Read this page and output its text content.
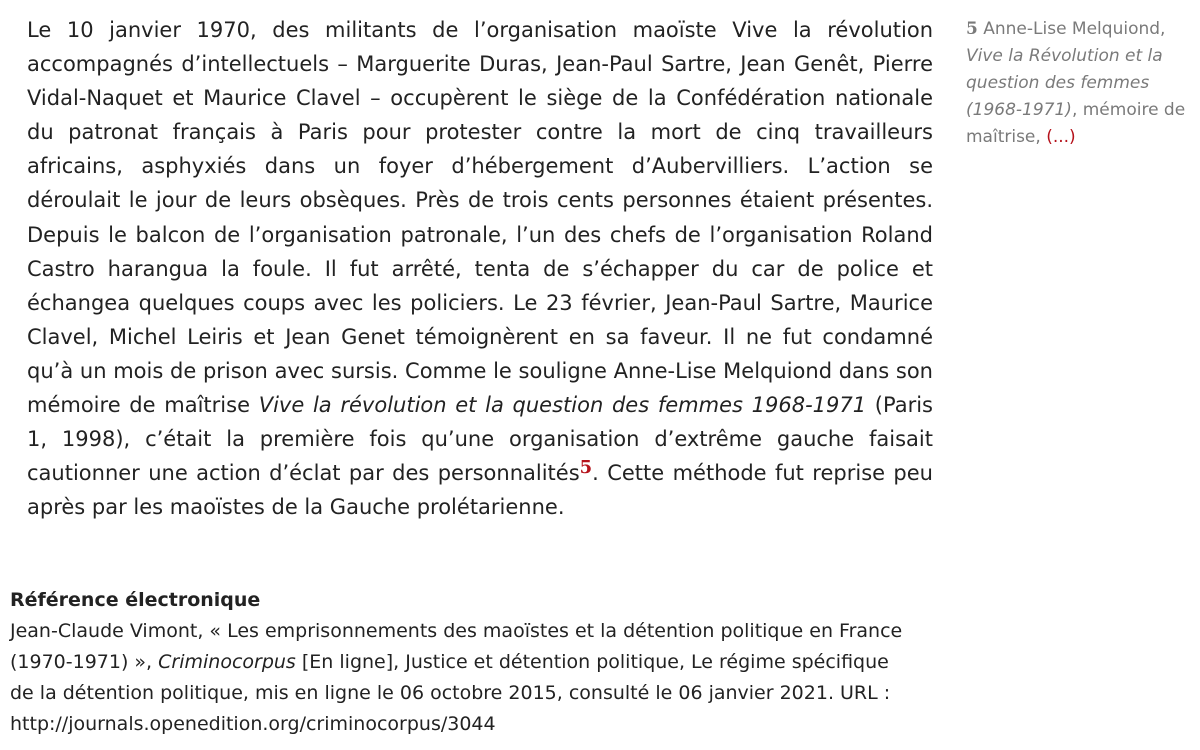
Le 10 janvier 1970, des militants de l’organisation maoïste Vive la révolution accompagnés d’intellectuels – Marguerite Duras, Jean-Paul Sartre, Jean Genêt, Pierre Vidal-Naquet et Maurice Clavel – occupèrent le siège de la Confédération nationale du patronat français à Paris pour protester contre la mort de cinq travailleurs africains, asphyxiés dans un foyer d’hébergement d’Aubervilliers. L’action se déroulait le jour de leurs obsèques. Près de trois cents personnes étaient présentes. Depuis le balcon de l’organisation patronale, l’un des chefs de l’organisation Roland Castro harangua la foule. Il fut arrêté, tenta de s’échapper du car de police et échangea quelques coups avec les policiers. Le 23 février, Jean-Paul Sartre, Maurice Clavel, Michel Leiris et Jean Genet témoignèrent en sa faveur. Il ne fut condamné qu’à un mois de prison avec sursis. Comme le souligne Anne-Lise Melquiond dans son mémoire de maîtrise Vive la révolution et la question des femmes 1968-1971 (Paris 1, 1998), c’était la première fois qu’une organisation d’extrême gauche faisait cautionner une action d’éclat par des personnalités5. Cette méthode fut reprise peu après par les maoïstes de la Gauche prolétarienne.

5 Anne-Lise Melquiond, Vive la Révolution et la question des femmes (1968-1971), mémoire de maîtrise, (...)

Référence électronique

Jean-Claude Vimont, « Les emprisonnements des maoïstes et la détention politique en France (1970-1971) », Criminocorpus [En ligne], Justice et détention politique, Le régime spécifique de la détention politique, mis en ligne le 06 octobre 2015, consulté le 06 janvier 2021. URL : http://journals.openedition.org/criminocorpus/3044
